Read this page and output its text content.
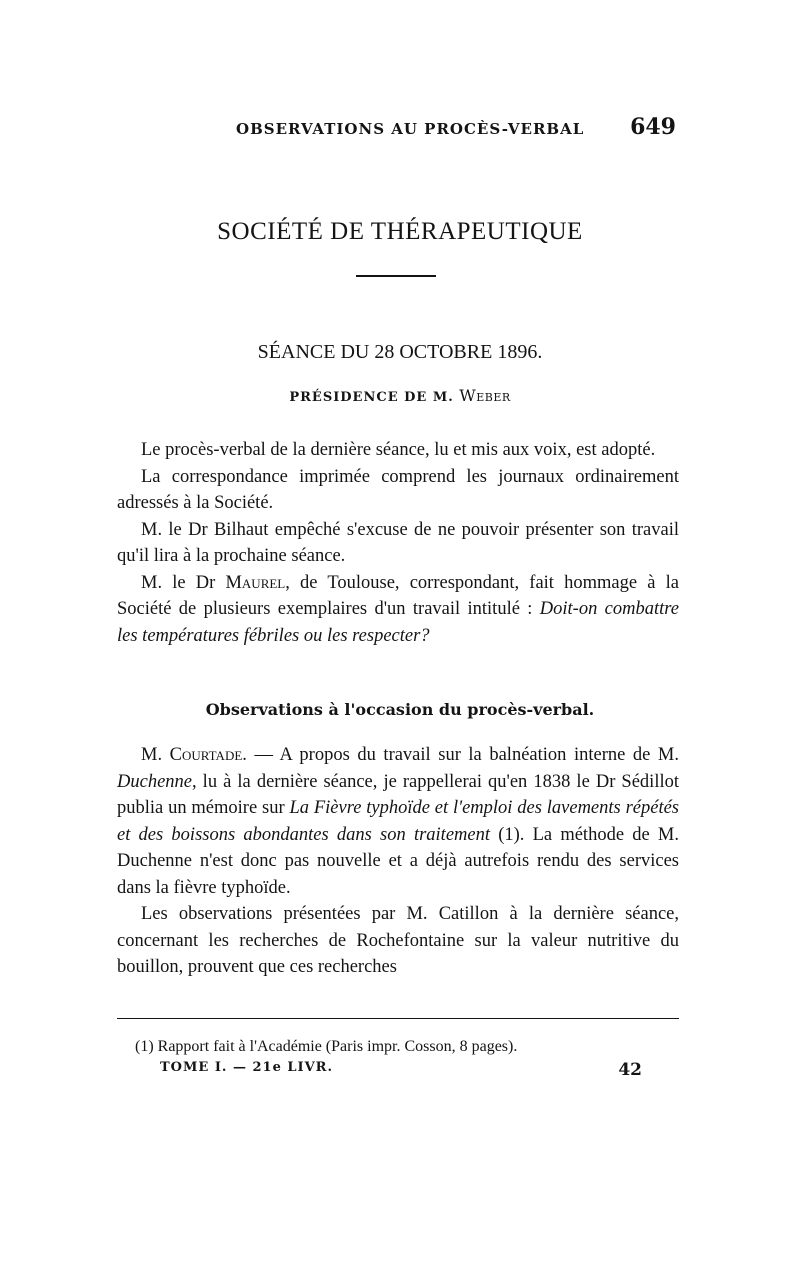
OBSERVATIONS AU PROCÈS-VERBAL 649
SOCIÉTÉ DE THÉRAPEUTIQUE
SÉANCE DU 28 OCTOBRE 1896.
PRÉSIDENCE DE M. Weber

Le procès-verbal de la dernière séance, lu et mis aux voix, est adopté.

La correspondance imprimée comprend les journaux ordinairement adressés à la Société.

M. le Dr Bilhaut empêché s'excuse de ne pouvoir présenter son travail qu'il lira à la prochaine séance.

M. le Dr Maurel, de Toulouse, correspondant, fait hommage à la Société de plusieurs exemplaires d'un travail intitulé : Doit-on combattre les températures fébriles ou les respecter?

Observations à l'occasion du procès-verbal.

M. Courtade. — A propos du travail sur la balnéation interne de M. Duchenne, lu à la dernière séance, je rappellerai qu'en 1838 le Dr Sédillot publia un mémoire sur La Fièvre typhoïde et l'emploi des lavements répétés et des boissons abondantes dans son traitement (1). La méthode de M. Duchenne n'est donc pas nouvelle et a déjà autrefois rendu des services dans la fièvre typhoïde.

Les observations présentées par M. Catillon à la dernière séance, concernant les recherches de Rochefontaine sur la valeur nutritive du bouillon, prouvent que ces recherches

(1) Rapport fait à l'Académie (Paris impr. Cosson, 8 pages).
TOME I. — 21e LIVR.	42
